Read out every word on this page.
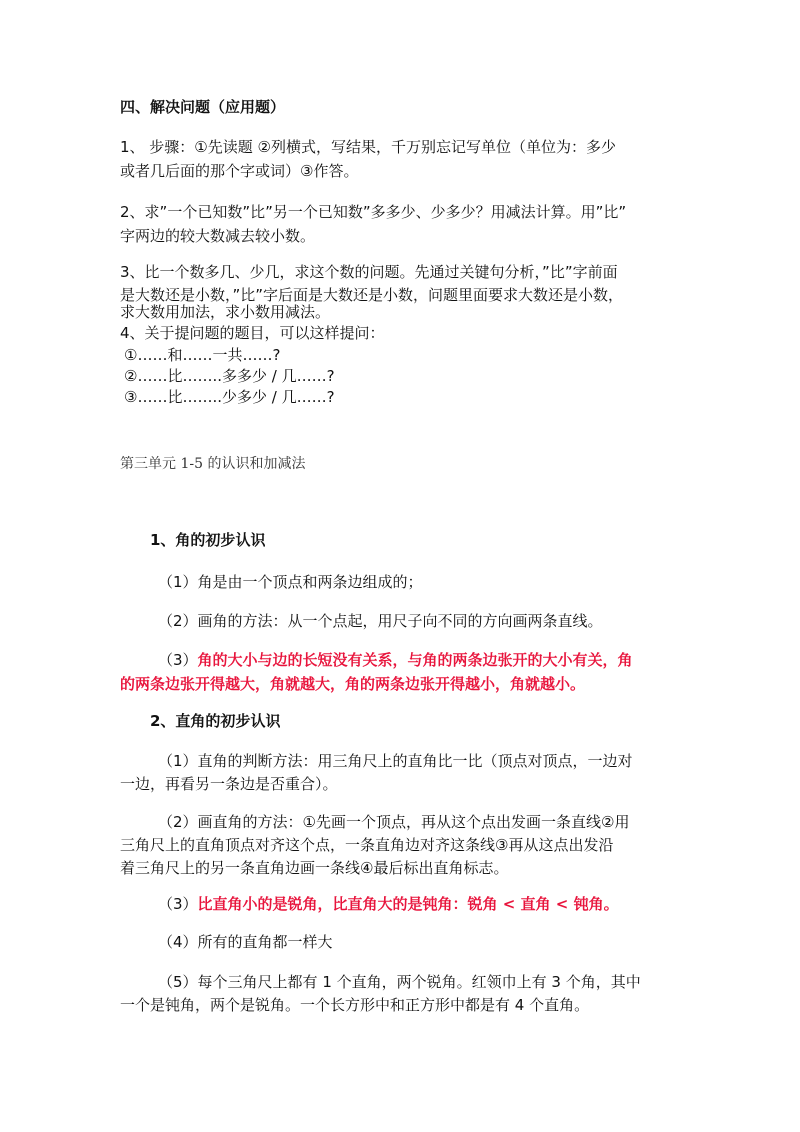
四、解决问题（应用题）
1、 步骤：①先读题 ②列横式，写结果，千万别忘记写单位（单位为：多少
或者几后面的那个字或词）③作答。
2、求”一个已知数”比”另一个已知数”多多少、少多少？用减法计算。用”比”
字两边的较大数减去较小数。
3、比一个数多几、少几，求这个数的问题。先通过关键句分析，”比”字前面
是大数还是小数，”比”字后面是大数还是小数，问题里面要求大数还是小数，
求大数用加法，求小数用减法。
4、关于提问题的题目，可以这样提问：
①……和……一共……?
②……比……..多多少 / 几……?
③……比……..少多少 / 几……?
第三单元 1-5 的认识和加减法
1、角的初步认识
（1）角是由一个顶点和两条边组成的；
（2）画角的方法：从一个点起，用尺子向不同的方向画两条直线。
（3）角的大小与边的长短没有关系，与角的两条边张开的大小有关，角
的两条边张开得越大，角就越大，角的两条边张开得越小，角就越小。
2、直角的初步认识
（1）直角的判断方法：用三角尺上的直角比一比（顶点对顶点，一边对
一边，再看另一条边是否重合）。
（2）画直角的方法：①先画一个顶点，再从这个点出发画一条直线②用
三角尺上的直角顶点对齐这个点，一条直角边对齐这条线③再从这点出发沿
着三角尺上的另一条直角边画一条线④最后标出直角标志。
（3）比直角小的是锐角，比直角大的是钝角：锐角 < 直角 < 钝角。
（4）所有的直角都一样大
（5）每个三角尺上都有 1 个直角，两个锐角。红领巾上有 3 个角，其中
一个是钝角，两个是锐角。一个长方形中和正方形中都是有 4 个直角。
